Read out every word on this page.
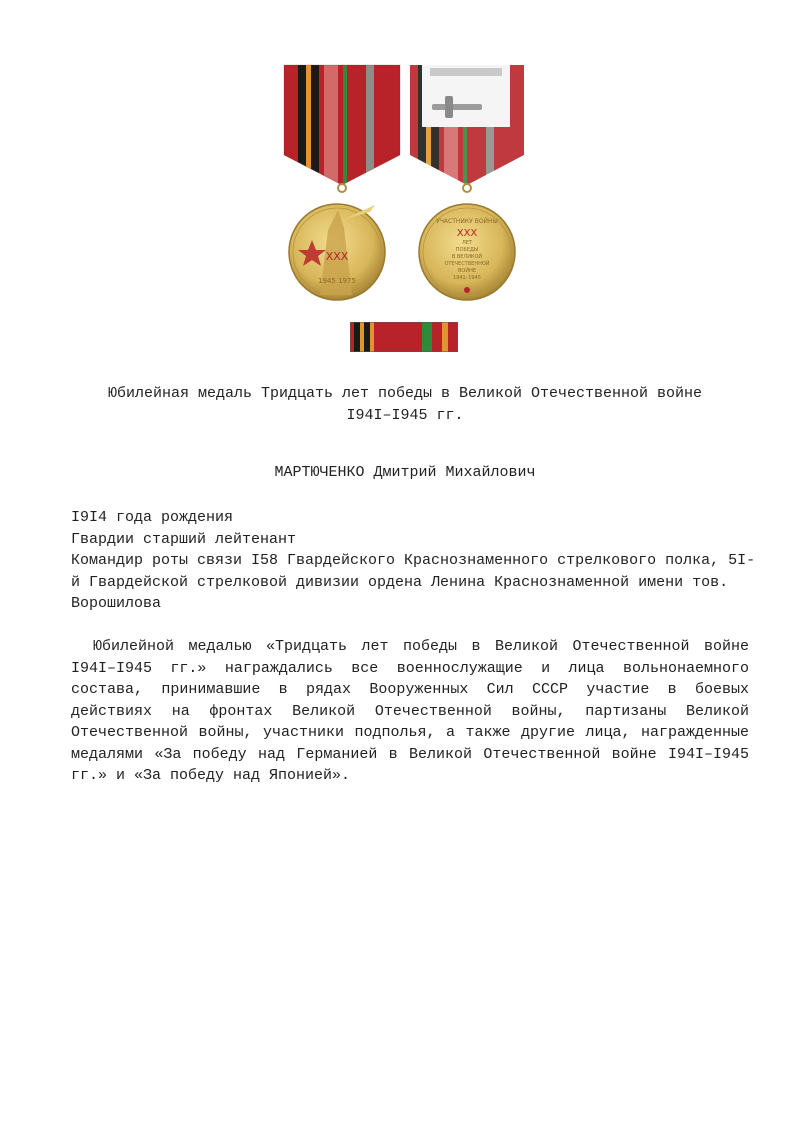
XXX
1945 1975
УЧАСТНИКУ ВОЙНЫ
XXX
ЛЕТ
ПОБЕДЫ
В ВЕЛИКОЙ
ОТЕЧЕСТВЕННОЙ
ВОЙНЕ
1941–1945
Юбилейная медаль Тридцать лет победы в Великой Отечественной войне
I94I–I945 гг.
МАРТЮЧЕНКО Дмитрий Михайлович
I9I4 года рождения
Гвардии старший лейтенант
Командир роты связи I58 Гвардейского Краснознаменного стрелкового полка, 5I-й Гвардейской стрелковой дивизии ордена Ленина Краснознаменной имени тов. Ворошилова
Юбилейной медалью «Тридцать лет победы в Великой Отечественной войне I94I–I945 гг.» награждались все военнослужащие и лица вольнонаемного состава, принимавшие в рядах Вооруженных Сил СССР участие в боевых действиях на фронтах Великой Отечественной войны, партизаны Великой Отечественной войны, участники подполья, а также другие лица, награжденные медалями «За победу над Германией в Великой Отечественной войне I94I–I945 гг.» и «За победу над Японией».
